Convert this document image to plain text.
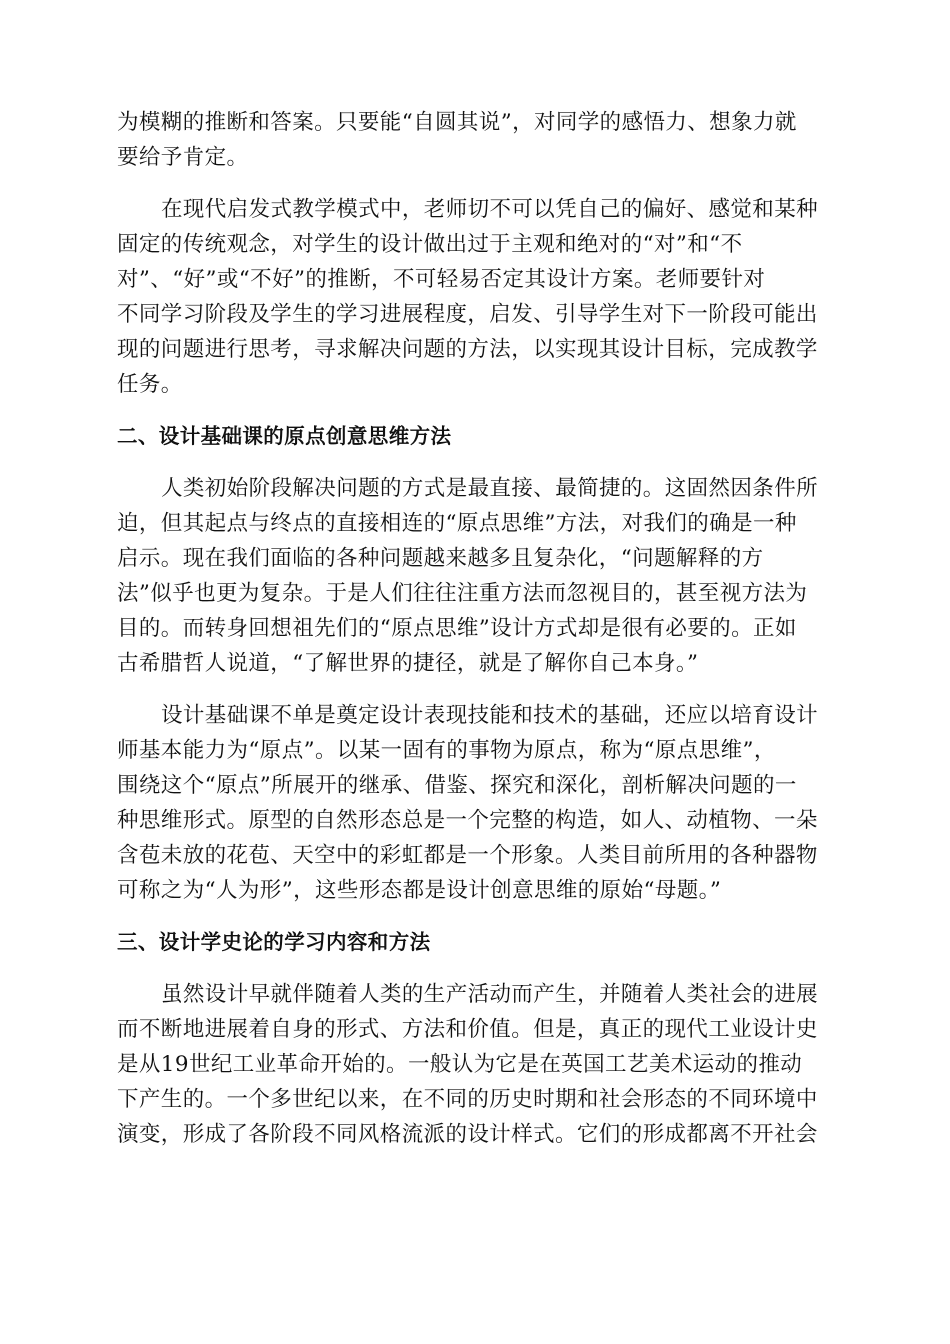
为模糊的推断和答案。只要能“自圆其说”，对同学的感悟力、想象力就
要给予肯定。
在现代启发式教学模式中，老师切不可以凭自己的偏好、感觉和某种
固定的传统观念，对学生的设计做出过于主观和绝对的“对”和“不
对”、“好”或“不好”的推断，不可轻易否定其设计方案。老师要针对
不同学习阶段及学生的学习进展程度，启发、引导学生对下一阶段可能出
现的问题进行思考，寻求解决问题的方法，以实现其设计目标，完成教学
任务。
二、设计基础课的原点创意思维方法
人类初始阶段解决问题的方式是最直接、最简捷的。这固然因条件所
迫，但其起点与终点的直接相连的“原点思维”方法，对我们的确是一种
启示。现在我们面临的各种问题越来越多且复杂化，“问题解释的方
法”似乎也更为复杂。于是人们往往注重方法而忽视目的，甚至视方法为
目的。而转身回想祖先们的“原点思维”设计方式却是很有必要的。正如
古希腊哲人说道，“了解世界的捷径，就是了解你自己本身。”
设计基础课不单是奠定设计表现技能和技术的基础，还应以培育设计
师基本能力为“原点”。以某一固有的事物为原点，称为“原点思维”，
围绕这个“原点”所展开的继承、借鉴、探究和深化，剖析解决问题的一
种思维形式。原型的自然形态总是一个完整的构造，如人、动植物、一朵
含苞未放的花苞、天空中的彩虹都是一个形象。人类目前所用的各种器物
可称之为“人为形”，这些形态都是设计创意思维的原始“母题。”
三、设计学史论的学习内容和方法
虽然设计早就伴随着人类的生产活动而产生，并随着人类社会的进展
而不断地进展着自身的形式、方法和价值。但是，真正的现代工业设计史
是从19世纪工业革命开始的。一般认为它是在英国工艺美术运动的推动
下产生的。一个多世纪以来，在不同的历史时期和社会形态的不同环境中
演变，形成了各阶段不同风格流派的设计样式。它们的形成都离不开社会
